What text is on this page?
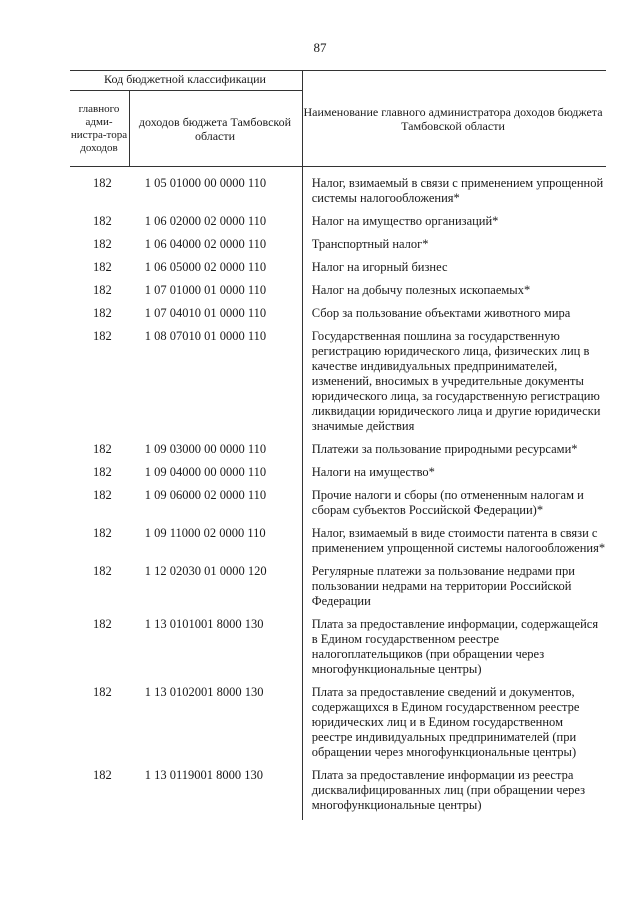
87
Код бюджетной классификации
главного адми-нистра-тора доходов
доходов бюджета Тамбовской области
Наименование главного администратора доходов бюджета Тамбовской области
182	1 05 01000 00 0000 110	Налог, взимаемый в связи с применением упрощенной системы налогообложения*
182	1 06 02000 02 0000 110	Налог на имущество организаций*
182	1 06 04000 02 0000 110	Транспортный налог*
182	1 06 05000 02 0000 110	Налог на игорный бизнес
182	1 07 01000 01 0000 110	Налог на добычу полезных ископаемых*
182	1 07 04010 01 0000 110	Сбор за пользование объектами животного мира
182	1 08 07010 01 0000 110	Государственная пошлина за государственную регистрацию юридического лица, физических лиц в качестве индивидуальных предпринимателей, изменений, вносимых в учредительные документы юридического лица, за государственную регистрацию ликвидации юридического лица и другие юридически значимые действия
182	1 09 03000 00 0000 110	Платежи за пользование природными ресурсами*
182	1 09 04000 00 0000 110	Налоги на имущество*
182	1 09 06000 02 0000 110	Прочие налоги и сборы (по отмененным налогам и сборам субъектов Российской Федерации)*
182	1 09 11000 02 0000 110	Налог, взимаемый в виде стоимости патента в связи с применением упрощенной системы налогообложения*
182	1 12 02030 01 0000 120	Регулярные платежи за пользование недрами при пользовании недрами на территории Российской Федерации
182	1 13 0101001 8000 130	Плата за предоставление информации, содержащейся в Едином государственном реестре налогоплательщиков (при обращении через многофункциональные центры)
182	1 13 0102001 8000 130	Плата за предоставление сведений и документов, содержащихся в Едином государственном реестре юридических лиц и в Едином государственном реестре индивидуальных предпринимателей (при обращении через многофункциональные центры)
182	1 13 0119001 8000 130	Плата за предоставление информации из реестра дисквалифицированных лиц (при обращении через многофункциональные центры)
